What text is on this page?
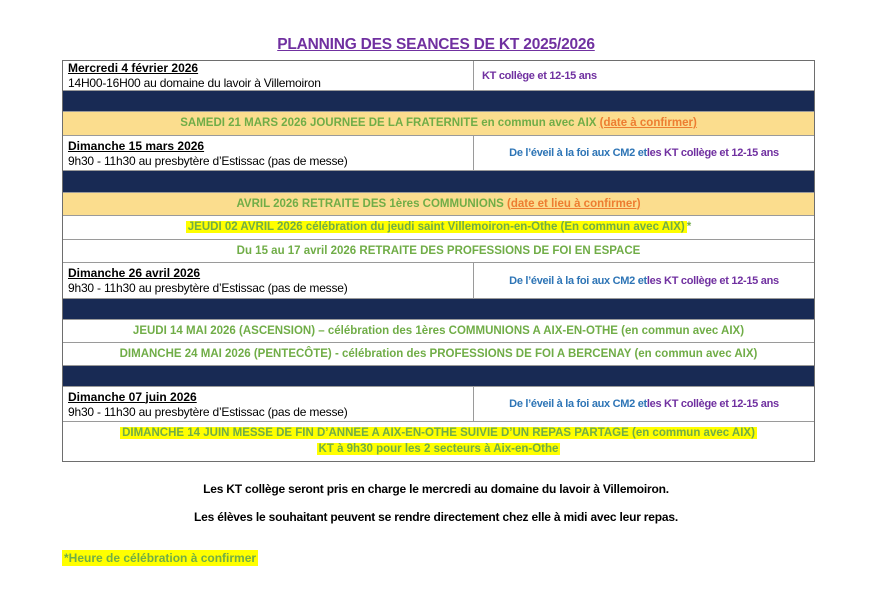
PLANNING DES SEANCES DE KT 2025/2026
Mercredi 4 février 2026
14H00-16H00 au domaine du lavoir à Villemoiron
KT collège et 12-15 ans
SAMEDI 21 MARS 2026 JOURNEE DE LA FRATERNITE en commun avec AIX (date à confirmer)
Dimanche 15 mars 2026
9h30 - 11h30 au presbytère d’Estissac (pas de messe)
De l’éveil à la foi aux CM2 et les KT collège et 12-15 ans
AVRIL 2026 RETRAITE DES 1ères COMMUNIONS (date et lieu à confirmer)
JEUDI 02 AVRIL 2026 célébration du jeudi saint Villemoiron-en-Othe (En commun avec AIX) *
Du 15 au 17 avril 2026 RETRAITE DES PROFESSIONS DE FOI EN ESPACE
Dimanche 26 avril 2026
9h30 - 11h30 au presbytère d’Estissac (pas de messe)
De l’éveil à la foi aux CM2 et les KT collège et 12-15 ans
JEUDI 14 MAI 2026 (ASCENSION) – célébration des 1ères COMMUNIONS A AIX-EN-OTHE (en commun avec AIX)
DIMANCHE 24 MAI 2026 (PENTECÔTE) - célébration des PROFESSIONS DE FOI A BERCENAY (en commun avec AIX)
Dimanche 07 juin 2026
9h30 - 11h30 au presbytère d’Estissac (pas de messe)
De l’éveil à la foi aux CM2 et les KT collège et 12-15 ans
DIMANCHE 14 JUIN MESSE DE FIN D’ANNEE A AIX-EN-OTHE SUIVIE D’UN REPAS PARTAGE (en commun avec AIX)
KT à 9h30 pour les 2 secteurs à Aix-en-Othe
Les KT collège seront pris en charge le mercredi au domaine du lavoir à Villemoiron.
Les élèves le souhaitant peuvent se rendre directement chez elle à midi avec leur repas.
*Heure de célébration à confirmer
